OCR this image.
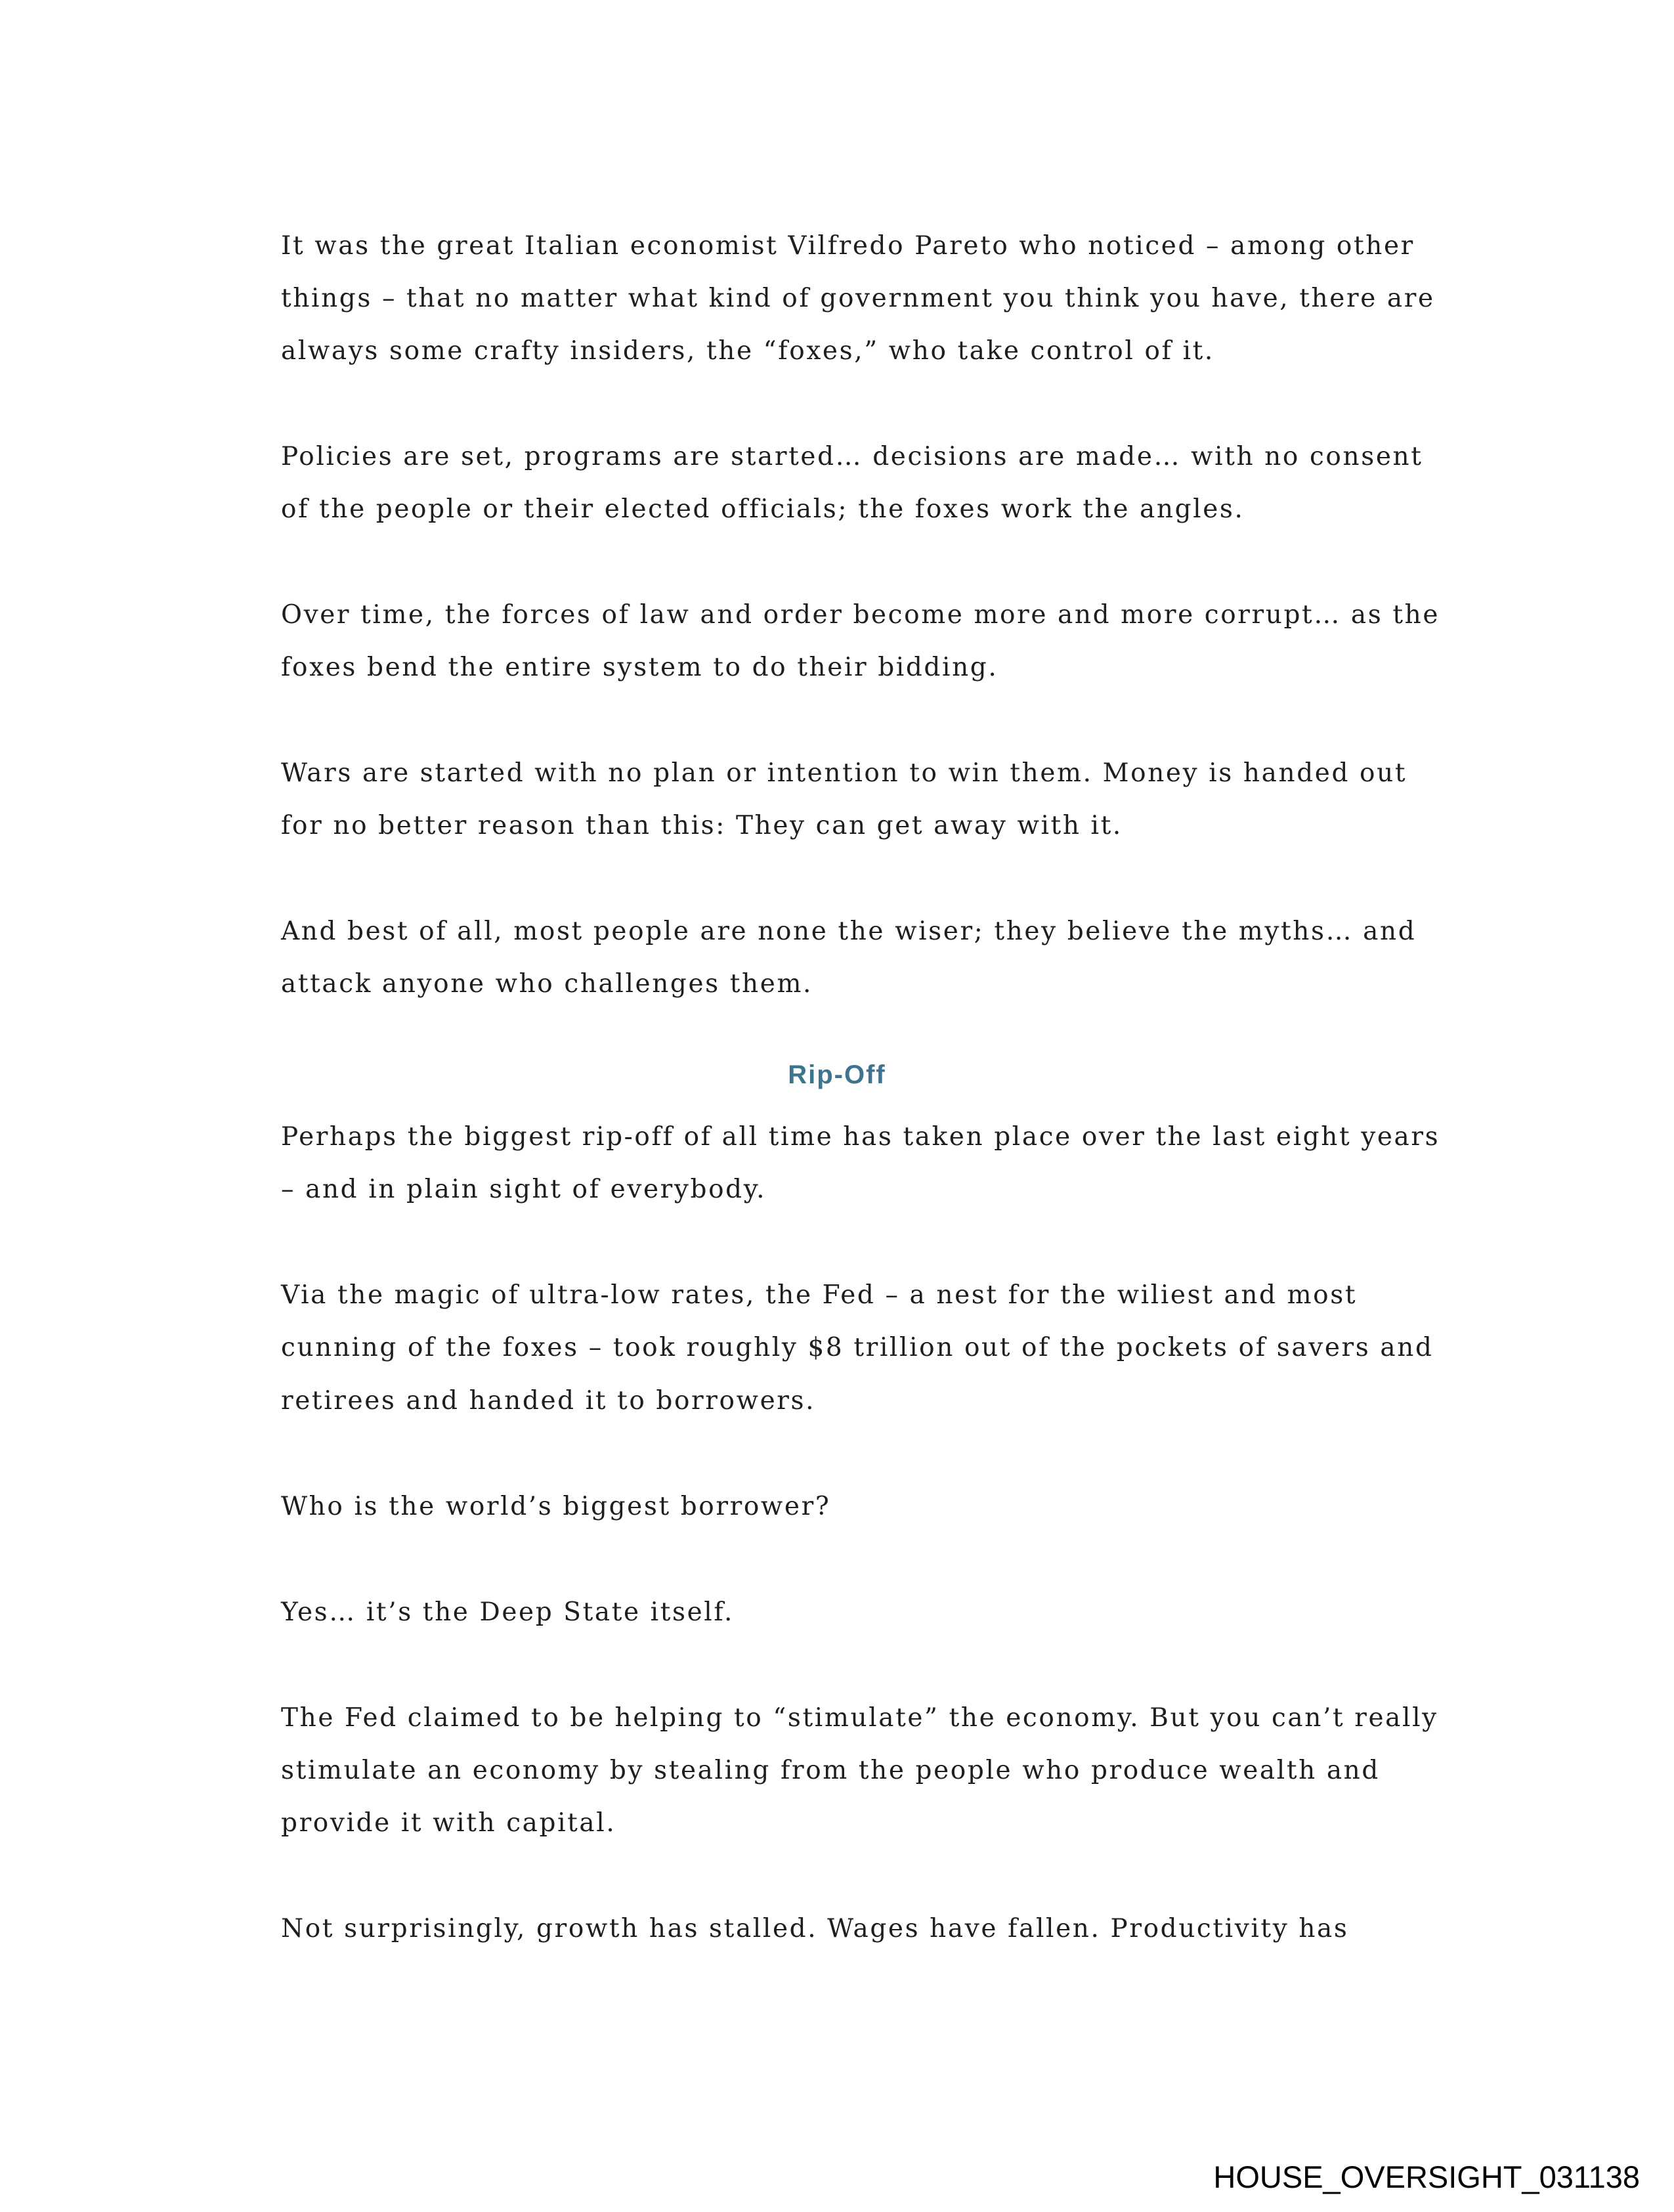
It was the great Italian economist Vilfredo Pareto who noticed – among other

things – that no matter what kind of government you think you have, there are

always some crafty insiders, the “foxes,” who take control of it.

Policies are set, programs are started… decisions are made… with no consent

of the people or their elected officials; the foxes work the angles.

Over time, the forces of law and order become more and more corrupt… as the

foxes bend the entire system to do their bidding.

Wars are started with no plan or intention to win them. Money is handed out

for no better reason than this: They can get away with it.

And best of all, most people are none the wiser; they believe the myths… and

attack anyone who challenges them.

Rip-Off

Perhaps the biggest rip-off of all time has taken place over the last eight years

– and in plain sight of everybody.

Via the magic of ultra-low rates, the Fed – a nest for the wiliest and most

cunning of the foxes – took roughly $8 trillion out of the pockets of savers and

retirees and handed it to borrowers.

Who is the world’s biggest borrower?

Yes… it’s the Deep State itself.

The Fed claimed to be helping to “stimulate” the economy. But you can’t really

stimulate an economy by stealing from the people who produce wealth and

provide it with capital.

Not surprisingly, growth has stalled. Wages have fallen. Productivity has

HOUSE_OVERSIGHT_031138
